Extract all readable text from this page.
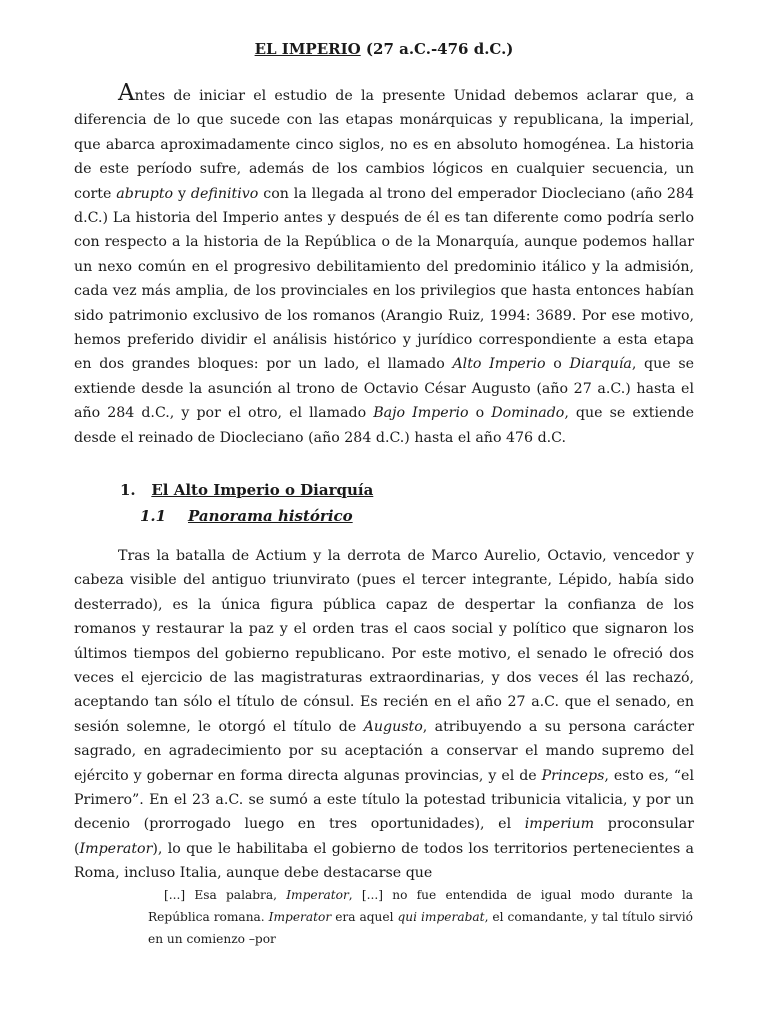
EL IMPERIO (27 a.C.-476 d.C.)

Antes de iniciar el estudio de la presente Unidad debemos aclarar que, a diferencia de lo que sucede con las etapas monárquicas y republicana, la imperial, que abarca aproximadamente cinco siglos, no es en absoluto homogénea. La historia de este período sufre, además de los cambios lógicos en cualquier secuencia, un corte abrupto y definitivo con la llegada al trono del emperador Diocleciano (año 284 d.C.) La historia del Imperio antes y después de él es tan diferente como podría serlo con respecto a la historia de la República o de la Monarquía, aunque podemos hallar un nexo común en el progresivo debilitamiento del predominio itálico y la admisión, cada vez más amplia, de los provinciales en los privilegios que hasta entonces habían sido patrimonio exclusivo de los romanos (Arangio Ruiz, 1994: 3689. Por ese motivo, hemos preferido dividir el análisis histórico y jurídico correspondiente a esta etapa en dos grandes bloques: por un lado, el llamado Alto Imperio o Diarquía, que se extiende desde la asunción al trono de Octavio César Augusto (año 27 a.C.) hasta el año 284 d.C., y por el otro, el llamado Bajo Imperio o Dominado, que se extiende desde el reinado de Diocleciano (año 284 d.C.) hasta el año 476 d.C.

1. El Alto Imperio o Diarquía
1.1 Panorama histórico

Tras la batalla de Actium y la derrota de Marco Aurelio, Octavio, vencedor y cabeza visible del antiguo triunvirato (pues el tercer integrante, Lépido, había sido desterrado), es la única figura pública capaz de despertar la confianza de los romanos y restaurar la paz y el orden tras el caos social y político que signaron los últimos tiempos del gobierno republicano. Por este motivo, el senado le ofreció dos veces el ejercicio de las magistraturas extraordinarias, y dos veces él las rechazó, aceptando tan sólo el título de cónsul. Es recién en el año 27 a.C. que el senado, en sesión solemne, le otorgó el título de Augusto, atribuyendo a su persona carácter sagrado, en agradecimiento por su aceptación a conservar el mando supremo del ejército y gobernar en forma directa algunas provincias, y el de Princeps, esto es, “el Primero”. En el 23 a.C. se sumó a este título la potestad tribunicia vitalicia, y por un decenio (prorrogado luego en tres oportunidades), el imperium proconsular (Imperator), lo que le habilitaba el gobierno de todos los territorios pertenecientes a Roma, incluso Italia, aunque debe destacarse que

[...] Esa palabra, Imperator, [...] no fue entendida de igual modo durante la República romana. Imperator era aquel qui imperabat, el comandante, y tal título sirvió en un comienzo –por
